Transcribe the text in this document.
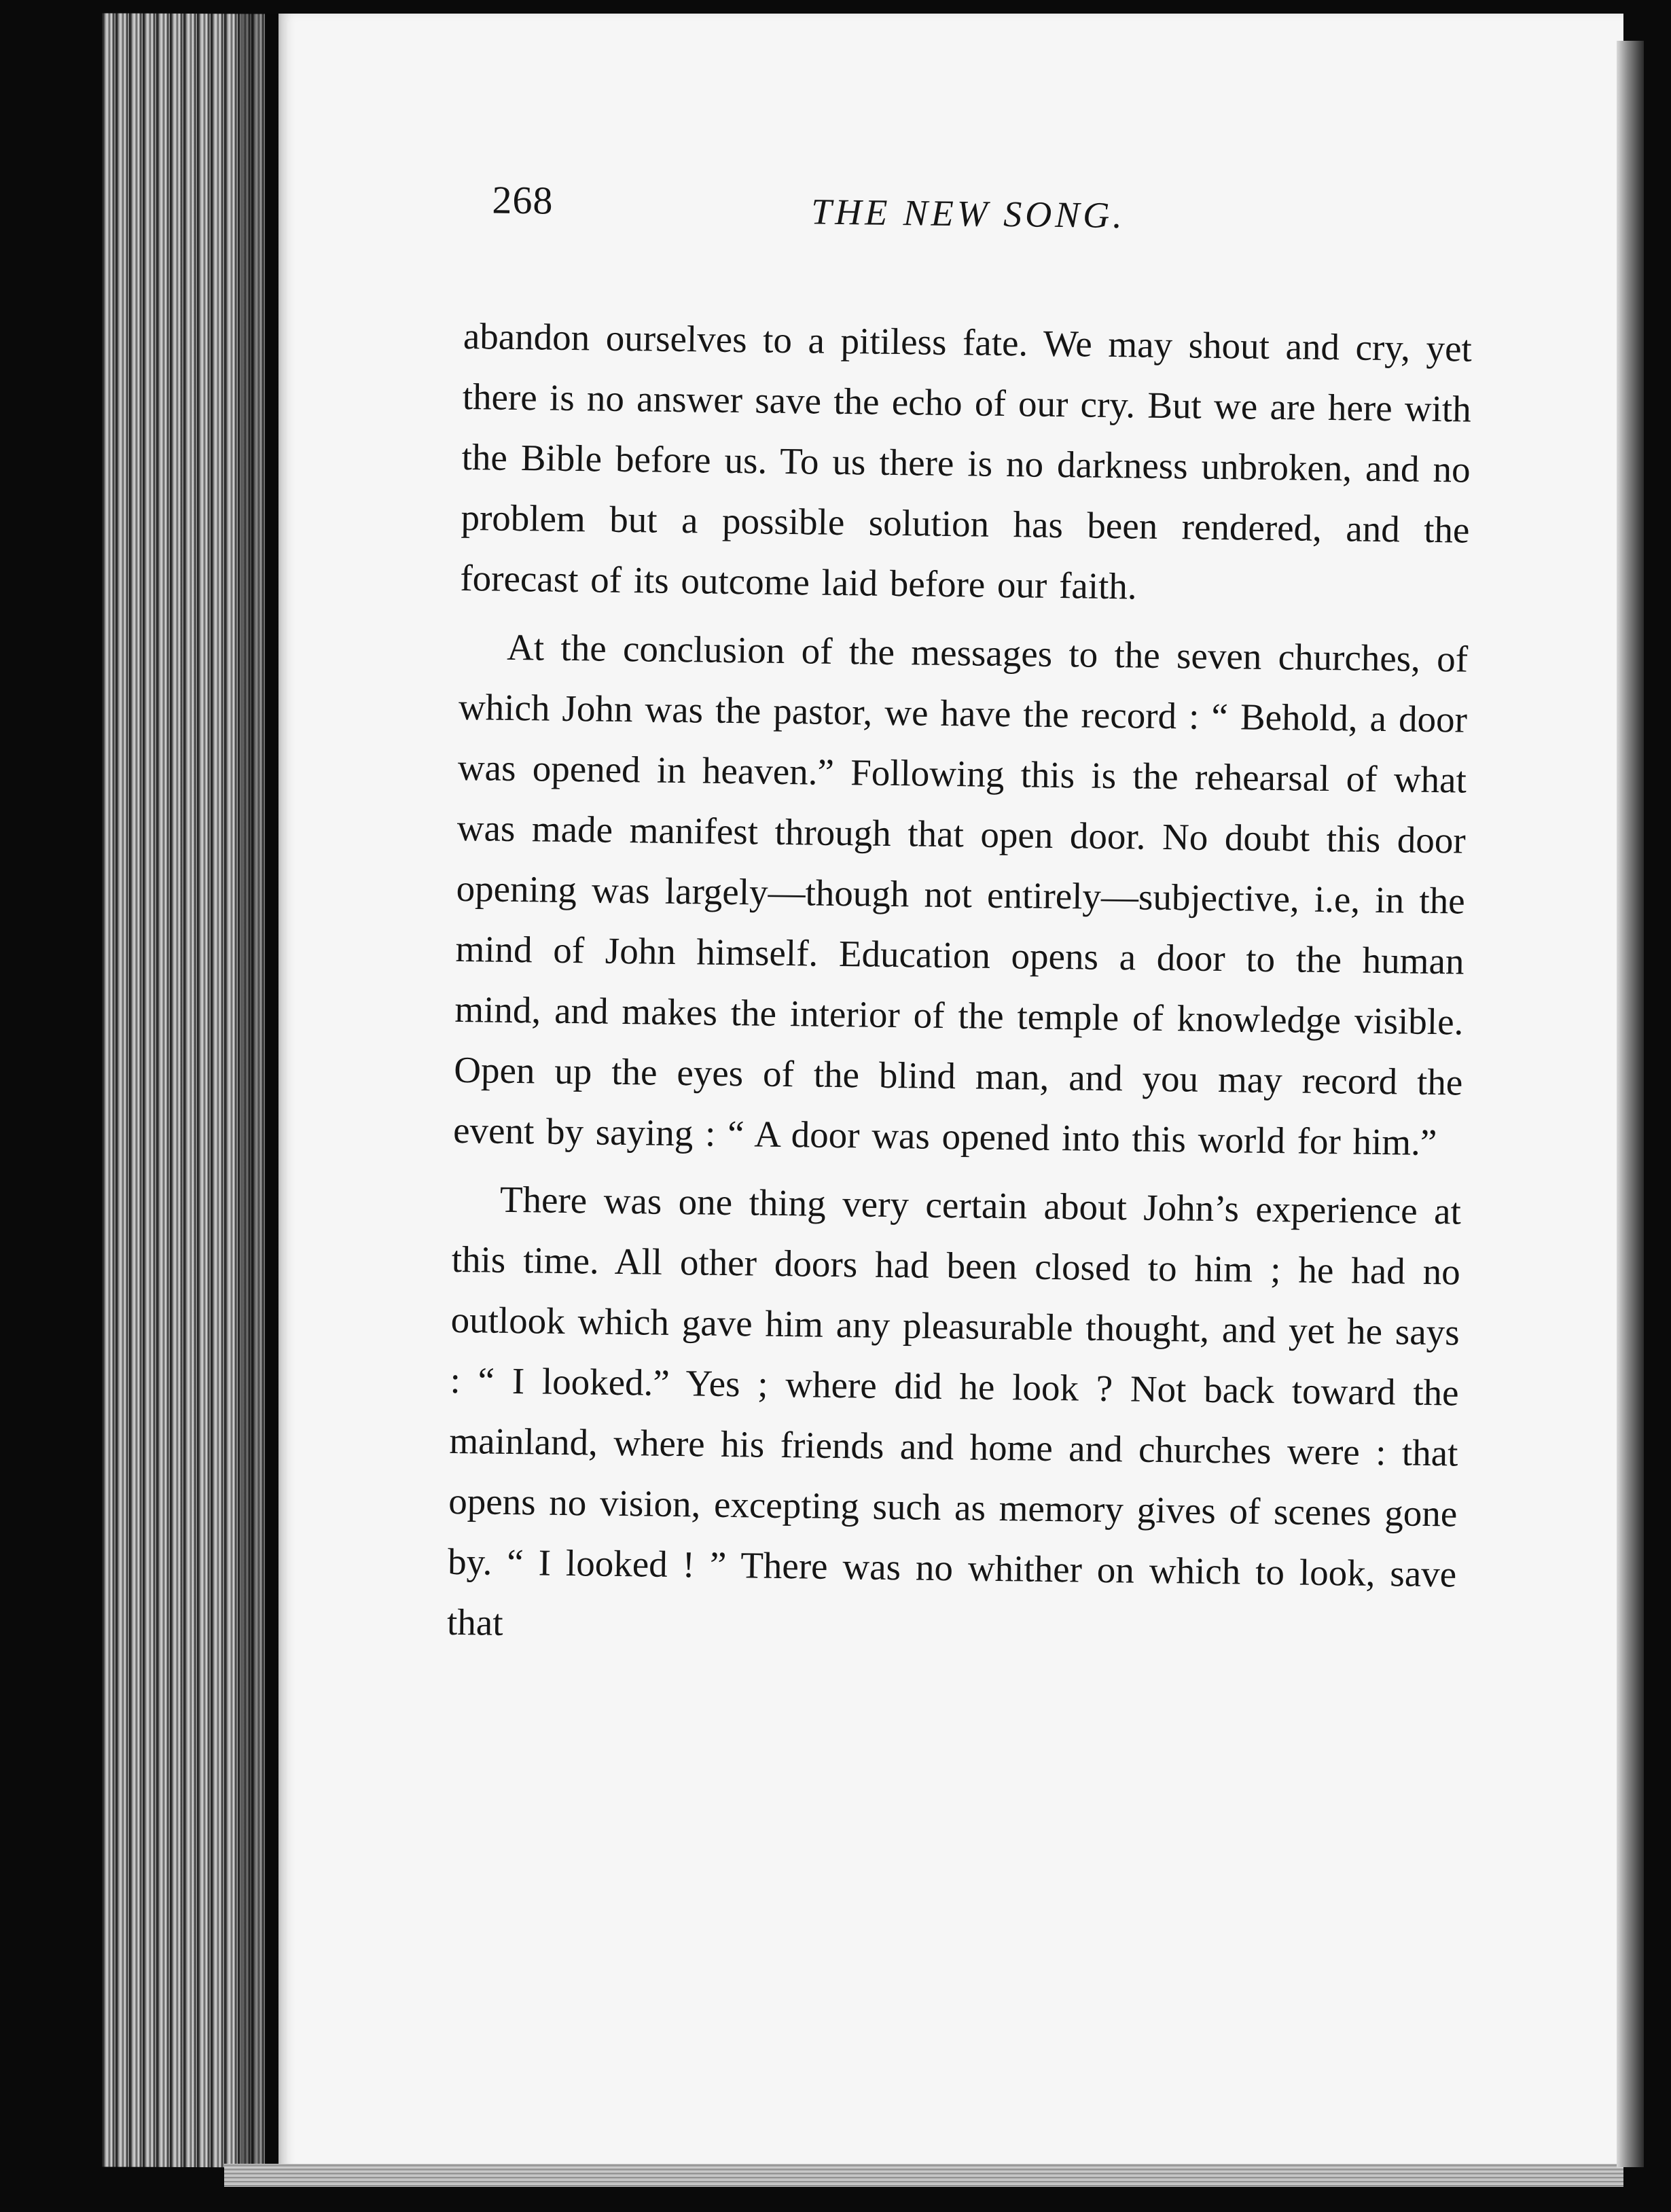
268	THE NEW SONG.

abandon ourselves to a pitiless fate. We may shout and cry, yet there is no answer save the echo of our cry. But we are here with the Bible before us. To us there is no darkness unbroken, and no problem but a possible solution has been rendered, and the forecast of its outcome laid before our faith.

At the conclusion of the messages to the seven churches, of which John was the pastor, we have the record : “ Behold, a door was opened in heaven.” Following this is the rehearsal of what was made manifest through that open door. No doubt this door opening was largely—though not entirely—subjective, i.e, in the mind of John himself. Education opens a door to the human mind, and makes the interior of the temple of knowledge visible. Open up the eyes of the blind man, and you may record the event by saying : “ A door was opened into this world for him.”

There was one thing very certain about John’s experience at this time. All other doors had been closed to him ; he had no outlook which gave him any pleasurable thought, and yet he says : “ I looked.” Yes ; where did he look ? Not back toward the mainland, where his friends and home and churches were : that opens no vision, excepting such as memory gives of scenes gone by. “ I looked ! ” There was no whither on which to look, save that
